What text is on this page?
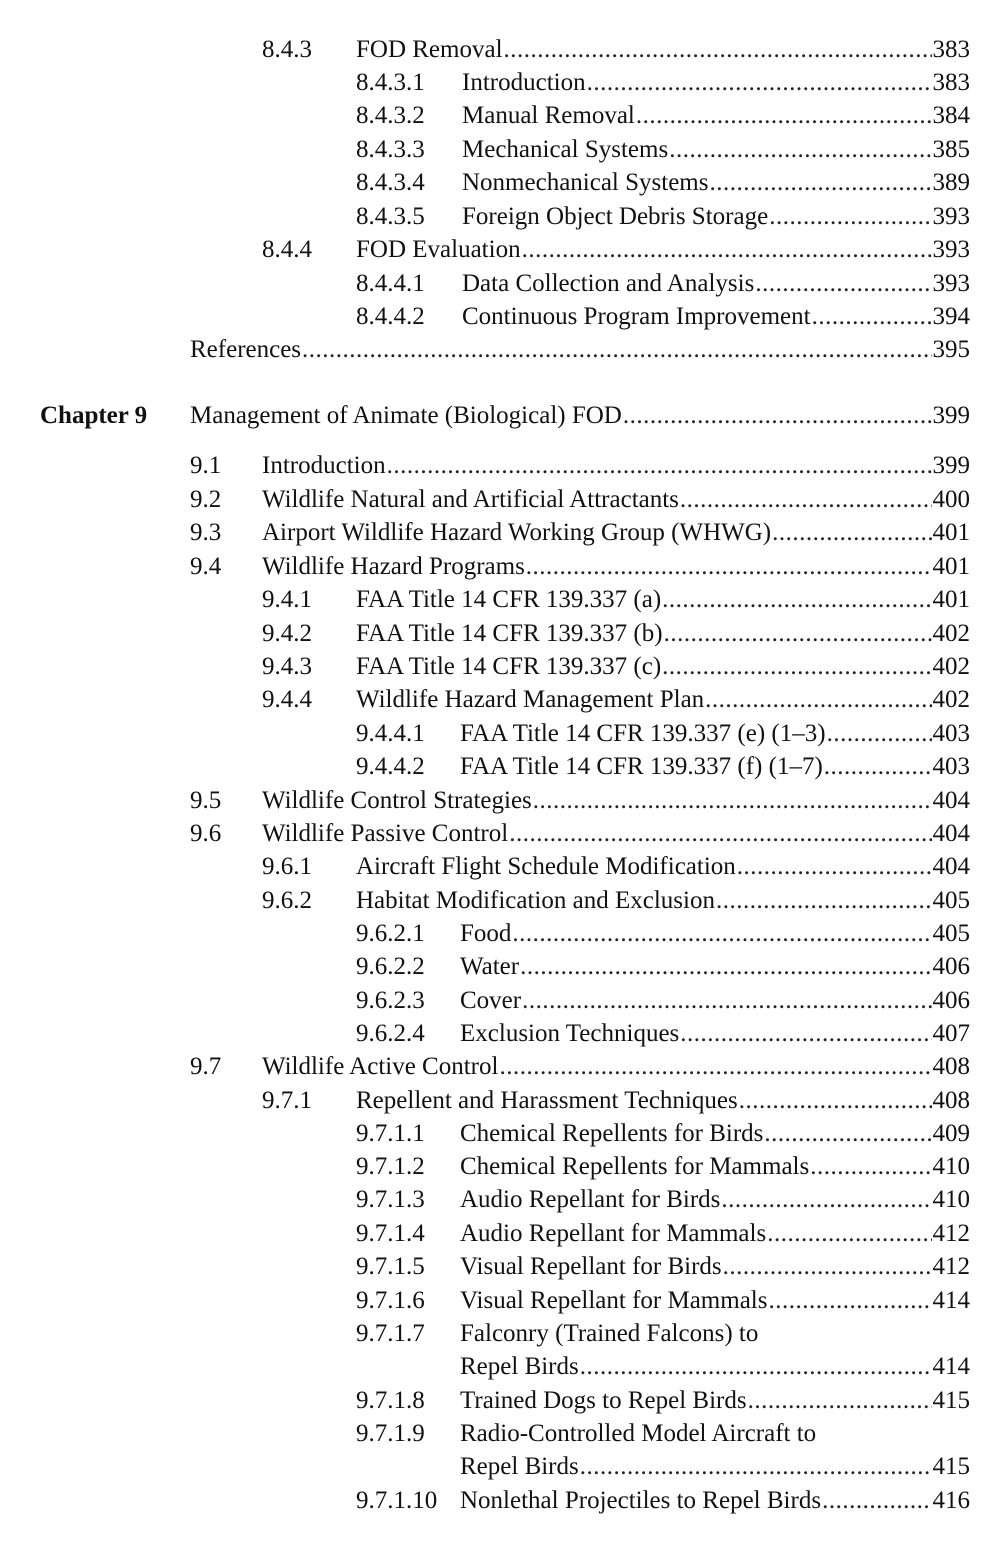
8.4.3 FOD Removal .....	383
8.4.3.1 Introduction .....	383
8.4.3.2 Manual Removal .....	384
8.4.3.3 Mechanical Systems .....	385
8.4.3.4 Nonmechanical Systems .....	389
8.4.3.5 Foreign Object Debris Storage .....	393
8.4.4 FOD Evaluation .....	393
8.4.4.1 Data Collection and Analysis .....	393
8.4.4.2 Continuous Program Improvement .....	394
References .....	395
Chapter 9 Management of Animate (Biological) FOD .....	399
9.1 Introduction .....	399
9.2 Wildlife Natural and Artificial Attractants .....	400
9.3 Airport Wildlife Hazard Working Group (WHWG) .....	401
9.4 Wildlife Hazard Programs .....	401
9.4.1 FAA Title 14 CFR 139.337 (a) .....	401
9.4.2 FAA Title 14 CFR 139.337 (b) .....	402
9.4.3 FAA Title 14 CFR 139.337 (c) .....	402
9.4.4 Wildlife Hazard Management Plan .....	402
9.4.4.1 FAA Title 14 CFR 139.337 (e) (1–3) .....	403
9.4.4.2 FAA Title 14 CFR 139.337 (f) (1–7) .....	403
9.5 Wildlife Control Strategies .....	404
9.6 Wildlife Passive Control .....	404
9.6.1 Aircraft Flight Schedule Modification .....	404
9.6.2 Habitat Modification and Exclusion .....	405
9.6.2.1 Food .....	405
9.6.2.2 Water .....	406
9.6.2.3 Cover .....	406
9.6.2.4 Exclusion Techniques .....	407
9.7 Wildlife Active Control .....	408
9.7.1 Repellent and Harassment Techniques .....	408
9.7.1.1 Chemical Repellents for Birds .....	409
9.7.1.2 Chemical Repellents for Mammals .....	410
9.7.1.3 Audio Repellant for Birds .....	410
9.7.1.4 Audio Repellant for Mammals .....	412
9.7.1.5 Visual Repellant for Birds .....	412
9.7.1.6 Visual Repellant for Mammals .....	414
9.7.1.7 Falconry (Trained Falcons) to
Repel Birds .....	414
9.7.1.8 Trained Dogs to Repel Birds .....	415
9.7.1.9 Radio-Controlled Model Aircraft to
Repel Birds .....	415
9.7.1.10 Nonlethal Projectiles to Repel Birds .....	416
